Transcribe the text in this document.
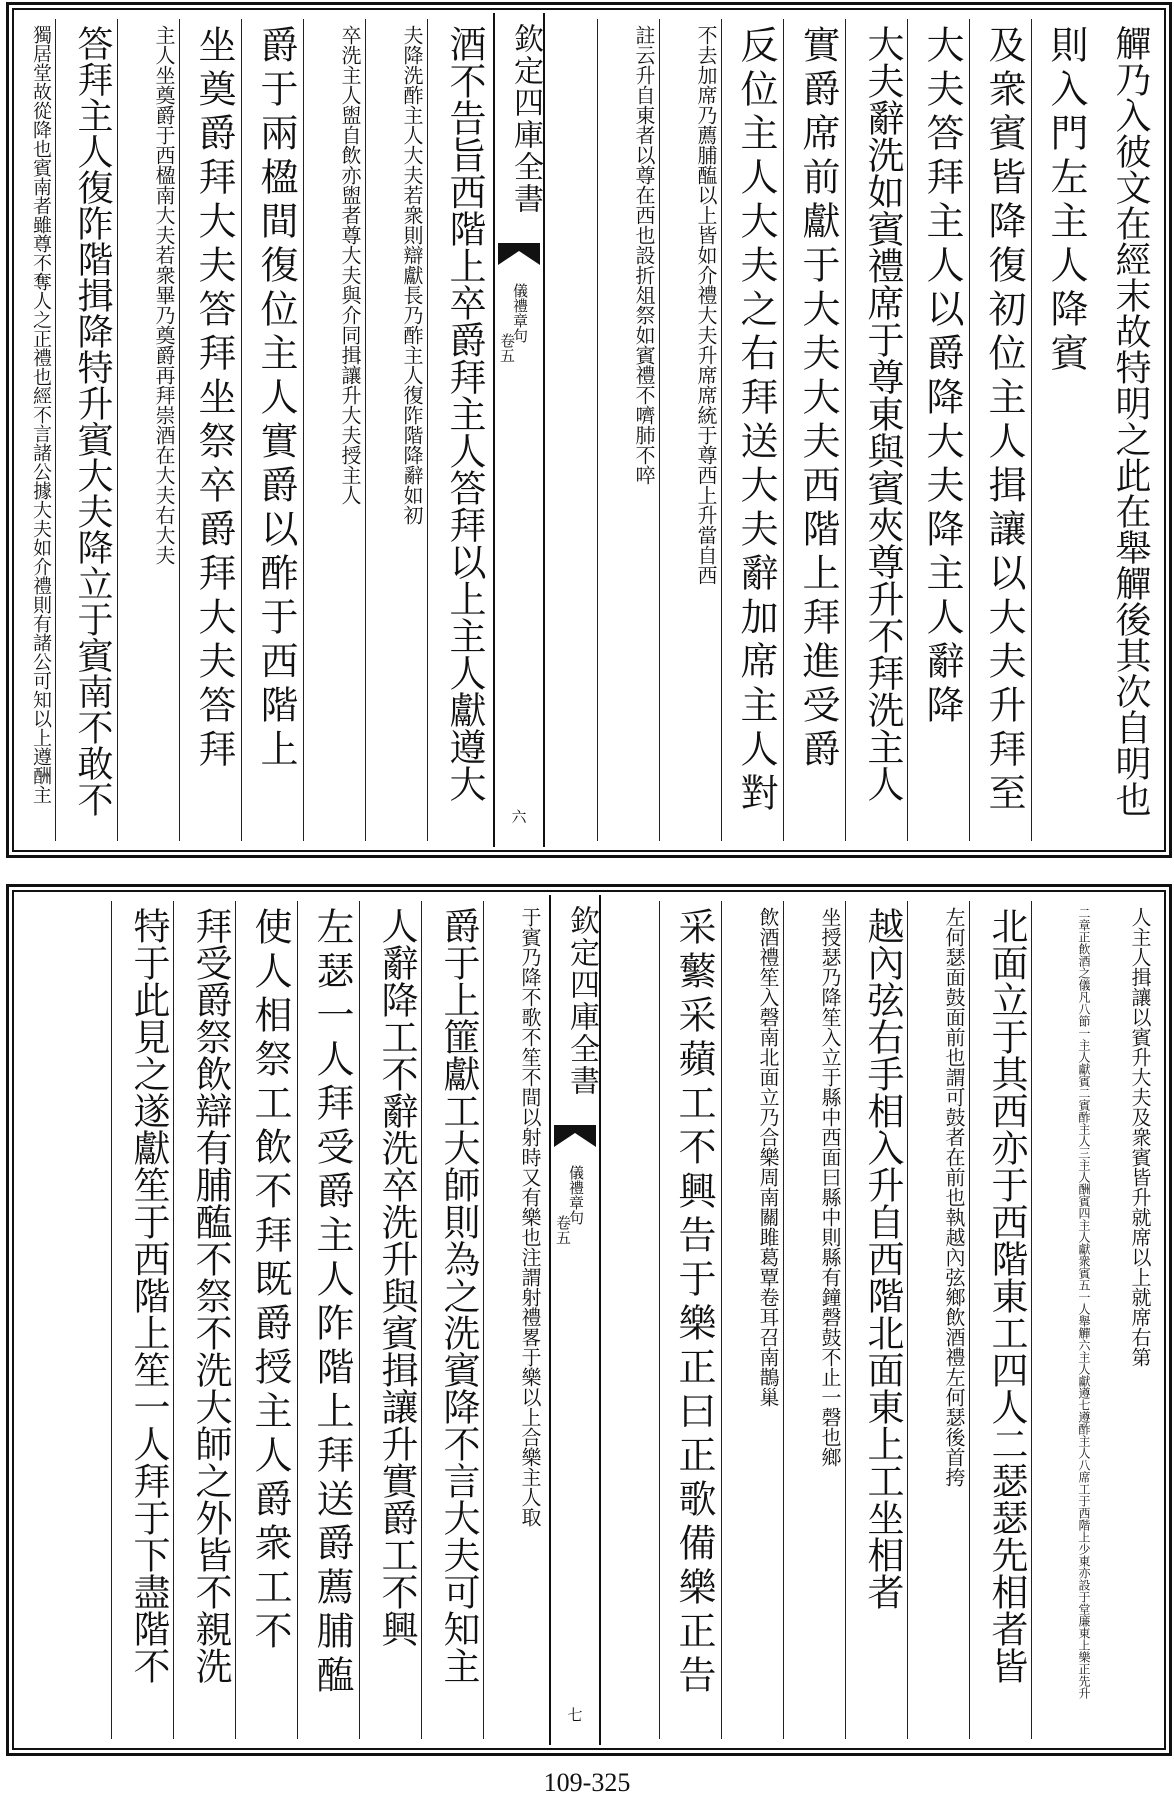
觶乃入彼文在經末故特明之此在舉觶後其次自明也
則入門左主人降賓
及衆賓皆降復初位主人揖讓以大夫升拜至
大夫答拜主人以爵降大夫降主人辭降
大夫辭洗如賓禮席于尊東與賓夾尊升不拜洗主人
實爵席前獻于大夫大夫西階上拜進受爵
反位主人大夫之右拜送大夫辭加席主人對
不去加席乃薦脯醢以上皆如介禮大夫升席席統于尊西上升當自西
註云升自東者以尊在西也設折俎祭如賓禮不嚌肺不啐
酒不告旨西階上卒爵拜主人答拜以上主人獻遵大
夫降洗酢主人大夫若衆則辯獻長乃酢主人復阼階降辭如初
卒洗主人盥自飲亦盥者尊大夫與介同揖讓升大夫授主人
爵于兩楹間復位主人實爵以酢于西階上
坐奠爵拜大夫答拜坐祭卒爵拜大夫答拜
主人坐奠爵于西楹南大夫若衆畢乃奠爵再拜崇酒在大夫右大夫
答拜主人復阼階揖降特升賓大夫降立于賓南不敢不
獨居堂故從降也賓南者雖尊不奪人之正禮也經不言諸公據大夫如介禮則有諸公可知以上遵酬主	欽定四庫全書
儀禮章句
卷五
六
人主人揖讓以賓升大夫及衆賓皆升就席以上就席右第
二章正飲酒之儀凡八節一主人獻賓二賓酢主人三主人酬賓四主人獻衆賓五一人舉觶六主人獻遵七遵酢主人八席工于西階上少東亦設于堂廉東上樂正先升
北面立于其西亦于西階東工四人二瑟瑟先相者皆
左何瑟面鼓面前也謂可鼓者在前也執越內弦鄉飲酒禮左何瑟後首挎
越內弦右手相入升自西階北面東上工坐相者
坐授瑟乃降笙入立于縣中西面曰縣中則縣有鐘磬鼓不止一磬也鄉
飲酒禮笙入磬南北面立乃合樂周南關雎葛覃卷耳召南鵲巢
采蘩采蘋工不興告于樂正曰正歌備樂正告
于賓乃降不歌不笙不間以射時又有樂也注謂射禮畧于樂以上合樂主人取
爵于上篚獻工大師則為之洗賓降不言大夫可知主
人辭降工不辭洗卒洗升與賓揖讓升實爵工不興
左瑟一人拜受爵主人阼階上拜送爵薦脯醢
使人相祭工飲不拜既爵授主人爵衆工不
拜受爵祭飲辯有脯醢不祭不洗大師之外皆不親洗
特于此見之遂獻笙于西階上笙一人拜于下盡階不	欽定四庫全書
儀禮章句
卷五
七
109-325
